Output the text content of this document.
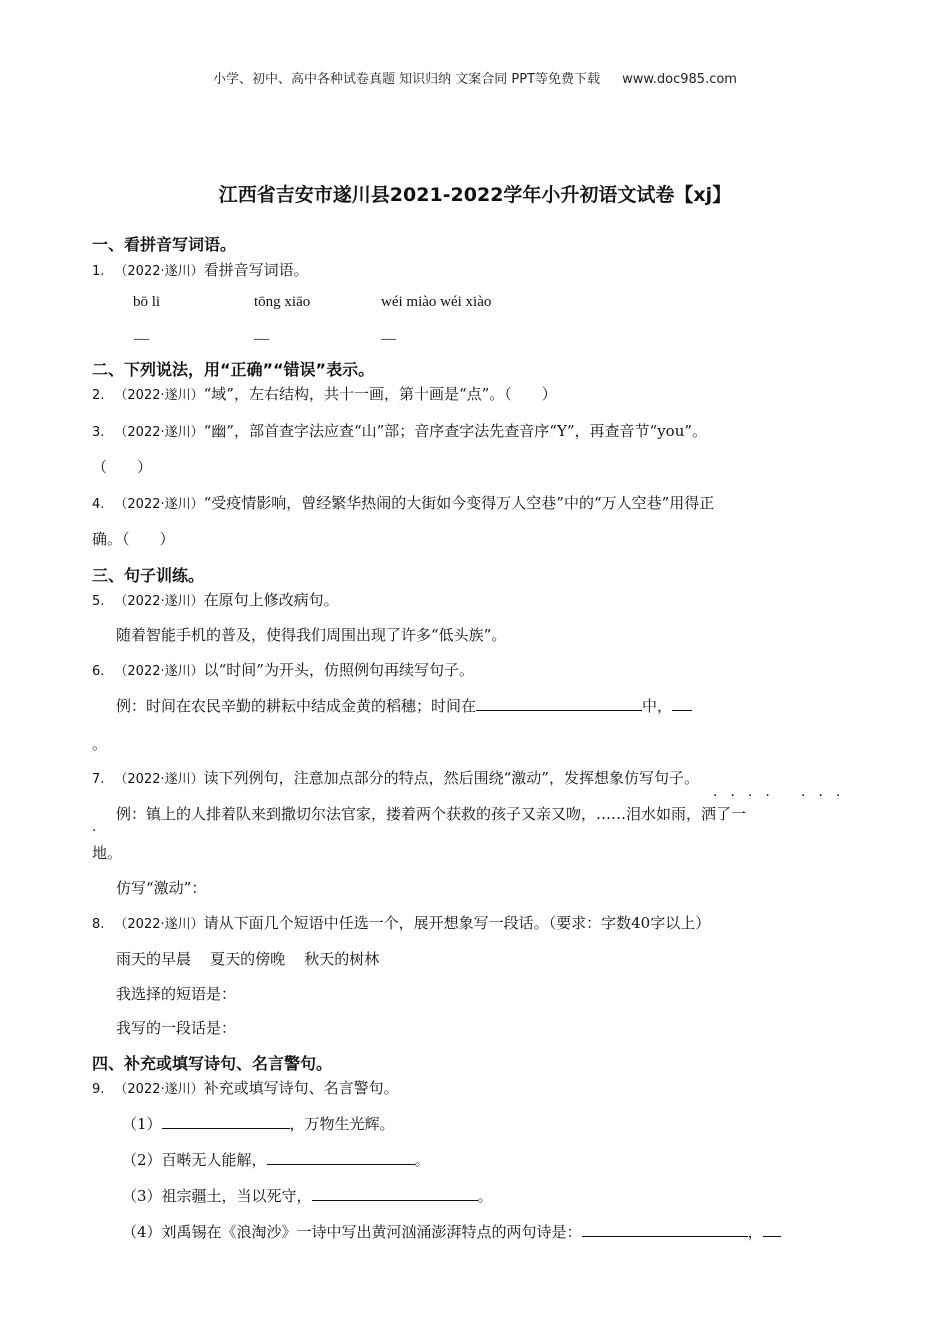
小学、初中、高中各种试卷真题 知识归纳 文案合同 PPT等免费下载 www.doc985.com
江西省吉安市遂川县2021-2022学年小升初语文试卷【xj】
一、看拼音写词语。
1. （2022·遂川）看拼音写词语。
bō li	tōng xiāo	wéi miào wéi xiào
__	__	__
二、下列说法，用“正确”“错误”表示。
2. （2022·遂川）“域”，左右结构，共十一画，第十画是“点”。（　　）
3. （2022·遂川）“幽”，部首查字法应查“山”部；音序查字法先查音序“Y”，再查音节“you”。
（　　）
4. （2022·遂川）“受疫情影响，曾经繁华热闹的大街如今变得万人空巷”中的“万人空巷”用得正
确。（　　）
三、句子训练。
5. （2022·遂川）在原句上修改病句。
随着智能手机的普及，使得我们周围出现了许多“低头族”。
6. （2022·遂川）以“时间”为开头，仿照例句再续写句子。
例：时间在农民辛勤的耕耘中结成金黄的稻穗；时间在	中，
。
7. （2022·遂川）读下列例句，注意加点部分的特点，然后围绕“激动”，发挥想象仿写句子。
···· ···
·
例：镇上的人排着队来到撒切尔法官家，搂着两个获救的孩子又亲又吻，……泪水如雨，洒了一
地。
仿写“激动”：
8. （2022·遂川）请从下面几个短语中任选一个，展开想象写一段话。（要求：字数40字以上）
雨天的早晨 夏天的傍晚 秋天的树林
我选择的短语是：
我写的一段话是：
四、补充或填写诗句、名言警句。
9. （2022·遂川）补充或填写诗句、名言警句。
（1）	，万物生光辉。
（2）百啭无人能解，	。
（3）祖宗疆土，当以死守，	。
（4）刘禹锡在《浪淘沙》一诗中写出黄河汹涌澎湃特点的两句诗是：	，
